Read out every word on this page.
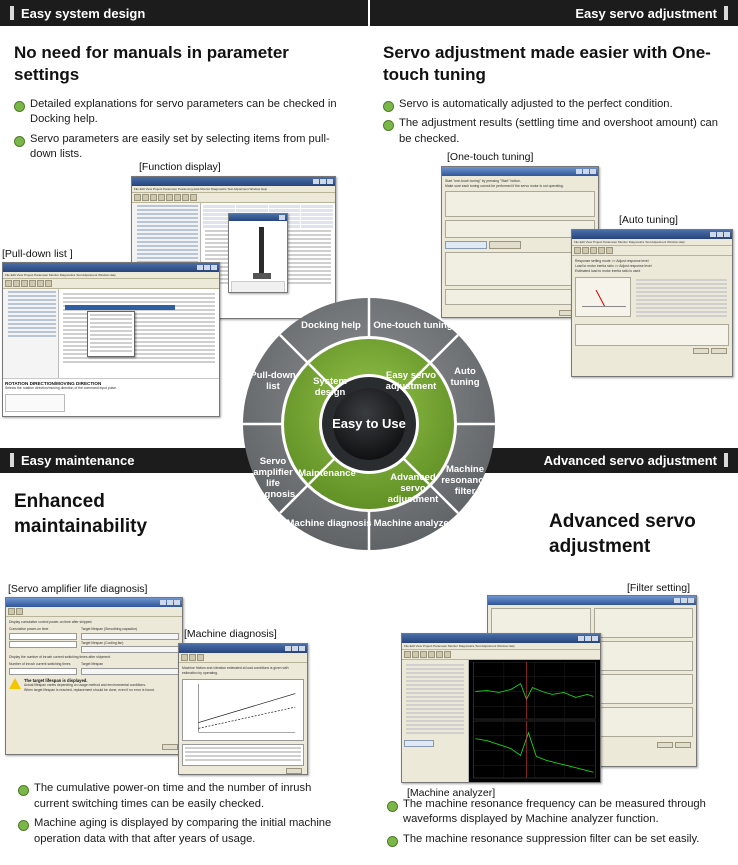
Easy system design
No need for manuals in parameter settings
Detailed explanations for servo parameters can be checked in Docking help.
Servo parameters are easily set by selecting items from pull-down lists.
[Function display]
[Pull-down list ]
File Edit View Project Parameter Positioning-data Monitor Diagnostics Test Adjustment Window Help
File Edit View Project Parameter Monitor Diagnostics Test Adjustment Window Help
ROTATION DIRECTION/MOVING DIRECTION
Selects the rotation direction/moving direction of the command input pulse.
Easy servo adjustment
Servo adjustment made easier with One-touch tuning
Servo is automatically adjusted to the perfect condition.
The adjustment results (settling time and overshoot amount) can be checked.
[One-touch tuning]
[Auto tuning]
Start "one-touch tuning" by pressing "Start" button.
Make sure each tuning cannot be performed if the servo motor is not operating.
File Edit View Project Parameter Monitor Diagnostics Test Adjustment Window Help
Response setting mode >> Adjust response level
Load to motor inertia ratio >> Adjust response level
Estimated load to motor inertia ratio is used
Easy maintenance
Enhanced maintainability
[Servo amplifier life diagnosis]
[Machine diagnosis]
Display cumulative control power-on time after shipped.
Cumulative power-on time	Target lifespan (Smoothing capacitor)
Target lifespan (Cooling fan)
Display the number of inrush current switching times after shipment.
Number of inrush current switching times	Target lifespan
The target lifespan is displayed.
Actual lifespan varies depending on usage method and environmental conditions.
When target lifespan is reached, replacement should be done, even if no error is found.
Machine friction and vibration estimated at load conditions is given with estimation by operating.
The cumulative power-on time and the number of inrush current switching times can be easily checked.
Machine aging is displayed by comparing the initial machine operation data with that after years of usage.
Advanced servo adjustment
Advanced servo adjustment
[Filter setting]
[Machine analyzer]
File Edit View Project Parameter Monitor Diagnostics Test Adjustment Window Help
The machine resonance frequency can be measured through waveforms displayed by Machine analyzer function.
The machine resonance suppression filter can be set easily.
Easy to Use
System design
Easy servo adjustment
Advanced servo adjustment
Maintenance
Docking help One-touch tuning
Auto tuning
Machine resonance filter
Machine analyzer
Machine diagnosis
Servo amplifier life diagnosis
Pull-down list
